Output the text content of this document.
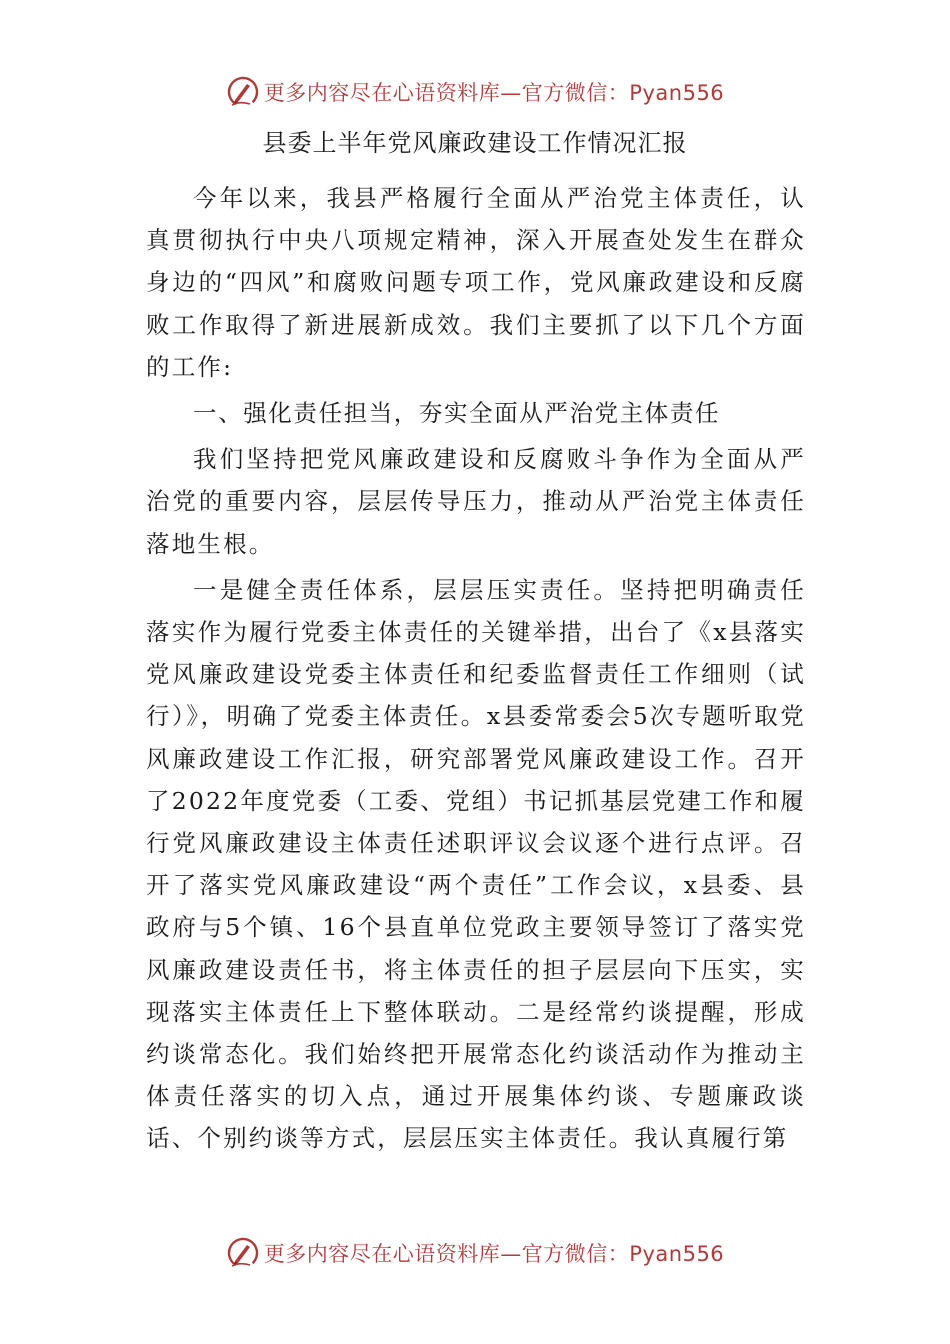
更多内容尽在心语资料库—官方微信：Pyan556
县委上半年党风廉政建设工作情况汇报

今年以来，我县严格履行全面从严治党主体责任，认真贯彻执行中央八项规定精神，深入开展查处发生在群众身边的“四风”和腐败问题专项工作，党风廉政建设和反腐败工作取得了新进展新成效。我们主要抓了以下几个方面的工作:

一、强化责任担当，夯实全面从严治党主体责任

我们坚持把党风廉政建设和反腐败斗争作为全面从严治党的重要内容，层层传导压力，推动从严治党主体责任落地生根。

一是健全责任体系，层层压实责任。坚持把明确责任落实作为履行党委主体责任的关键举措，出台了《x县落实党风廉政建设党委主体责任和纪委监督责任工作细则（试行）》，明确了党委主体责任。x县委常委会5次专题听取党风廉政建设工作汇报，研究部署党风廉政建设工作。召开了2022年度党委（工委、党组）书记抓基层党建工作和履行党风廉政建设主体责任述职评议会议逐个进行点评。召开了落实党风廉政建设“两个责任”工作会议，x县委、县政府与5个镇、16个县直单位党政主要领导签订了落实党风廉政建设责任书，将主体责任的担子层层向下压实，实现落实主体责任上下整体联动。二是经常约谈提醒，形成约谈常态化。我们始终把开展常态化约谈活动作为推动主体责任落实的切入点，通过开展集体约谈、专题廉政谈话、个别约谈等方式，层层压实主体责任。我认真履行第

更多内容尽在心语资料库—官方微信：Pyan556
